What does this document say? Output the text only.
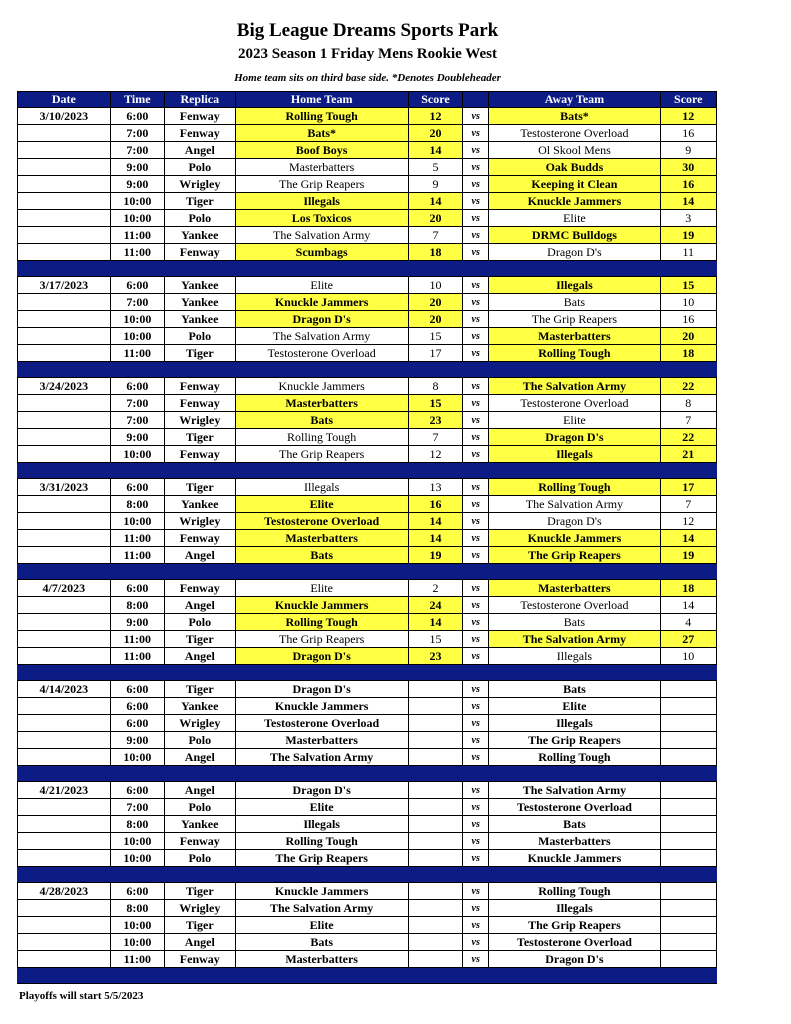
Big League Dreams Sports Park
2023 Season 1 Friday Mens Rookie West
Home team sits on third base side. *Denotes Doubleheader
Date	Time	Replica	Home Team	Score		Away Team	Score
3/10/2023	6:00	Fenway	Rolling Tough	12	vs	Bats*	12
	7:00	Fenway	Bats*	20	vs	Testosterone Overload	16
	7:00	Angel	Boof Boys	14	vs	Ol Skool Mens	9
	9:00	Polo	Masterbatters	5	vs	Oak Budds	30
	9:00	Wrigley	The Grip Reapers	9	vs	Keeping it Clean	16
	10:00	Tiger	Illegals	14	vs	Knuckle Jammers	14
	10:00	Polo	Los Toxicos	20	vs	Elite	3
	11:00	Yankee	The Salvation Army	7	vs	DRMC Bulldogs	19
	11:00	Fenway	Scumbags	18	vs	Dragon D's	11

3/17/2023	6:00	Yankee	Elite	10	vs	Illegals	15
	7:00	Yankee	Knuckle Jammers	20	vs	Bats	10
	10:00	Yankee	Dragon D's	20	vs	The Grip Reapers	16
	10:00	Polo	The Salvation Army	15	vs	Masterbatters	20
	11:00	Tiger	Testosterone Overload	17	vs	Rolling Tough	18

3/24/2023	6:00	Fenway	Knuckle Jammers	8	vs	The Salvation Army	22
	7:00	Fenway	Masterbatters	15	vs	Testosterone Overload	8
	7:00	Wrigley	Bats	23	vs	Elite	7
	9:00	Tiger	Rolling Tough	7	vs	Dragon D's	22
	10:00	Fenway	The Grip Reapers	12	vs	Illegals	21

3/31/2023	6:00	Tiger	Illegals	13	vs	Rolling Tough	17
	8:00	Yankee	Elite	16	vs	The Salvation Army	7
	10:00	Wrigley	Testosterone Overload	14	vs	Dragon D's	12
	11:00	Fenway	Masterbatters	14	vs	Knuckle Jammers	14
	11:00	Angel	Bats	19	vs	The Grip Reapers	19

4/7/2023	6:00	Fenway	Elite	2	vs	Masterbatters	18
	8:00	Angel	Knuckle Jammers	24	vs	Testosterone Overload	14
	9:00	Polo	Rolling Tough	14	vs	Bats	4
	11:00	Tiger	The Grip Reapers	15	vs	The Salvation Army	27
	11:00	Angel	Dragon D's	23	vs	Illegals	10

4/14/2023	6:00	Tiger	Dragon D's		vs	Bats	
	6:00	Yankee	Knuckle Jammers		vs	Elite	
	6:00	Wrigley	Testosterone Overload		vs	Illegals	
	9:00	Polo	Masterbatters		vs	The Grip Reapers	
	10:00	Angel	The Salvation Army		vs	Rolling Tough	

4/21/2023	6:00	Angel	Dragon D's		vs	The Salvation Army	
	7:00	Polo	Elite		vs	Testosterone Overload	
	8:00	Yankee	Illegals		vs	Bats	
	10:00	Fenway	Rolling Tough		vs	Masterbatters	
	10:00	Polo	The Grip Reapers		vs	Knuckle Jammers	

4/28/2023	6:00	Tiger	Knuckle Jammers		vs	Rolling Tough	
	8:00	Wrigley	The Salvation Army		vs	Illegals	
	10:00	Tiger	Elite		vs	The Grip Reapers	
	10:00	Angel	Bats		vs	Testosterone Overload	
	11:00	Fenway	Masterbatters		vs	Dragon D's	

Playoffs will start 5/5/2023
